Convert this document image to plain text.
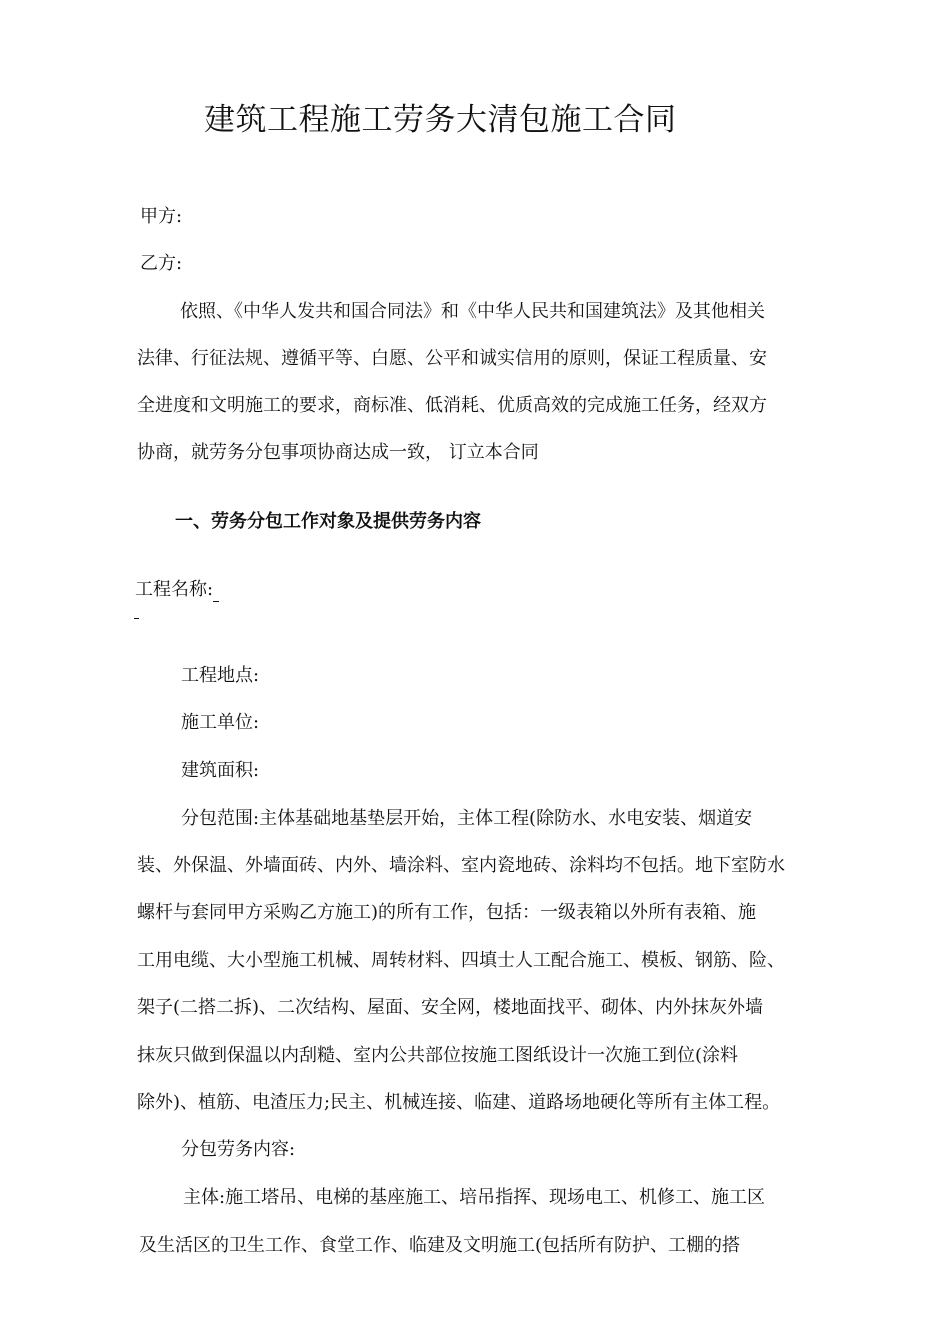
建筑工程施工劳务大清包施工合同
甲方:
乙方:
依照、《中华人发共和国合同法》和《中华人民共和国建筑法》及其他相关
法律、行征法规、遵循平等、白愿、公平和诚实信用的原则，保证工程质量、安
全进度和文明施工的要求，商标准、低消耗、优质高效的完成施工任务，经双方
协商，就劳务分包事项协商达成一致， 订立本合同
一、劳务分包工作对象及提供劳务内容
工程名称:
工程地点:
施工单位:
建筑面积:
分包范围:主体基础地基垫层开始，主体工程(除防水、水电安装、烟道安
装、外保温、外墙面砖、内外、墙涂料、室内瓷地砖、涂料均不包括。地下室防水
螺杆与套同甲方采购乙方施工)的所有工作，包括：一级表箱以外所有表箱、施
工用电缆、大小型施工机械、周转材料、四填士人工配合施工、模板、钢筋、险、
架子(二搭二拆)、二次结构、屋面、安全网，楼地面找平、砌体、内外抹灰外墙
抹灰只做到保温以内刮糙、室内公共部位按施工图纸设计一次施工到位(涂料
除外)、植筋、电渣压力;民主、机械连接、临建、道路场地硬化等所有主体工程。
分包劳务内容:
主体:施工塔吊、电梯的基座施工、培吊指挥、现场电工、机修工、施工区
及生活区的卫生工作、食堂工作、临建及文明施工(包括所有防护、工棚的搭
